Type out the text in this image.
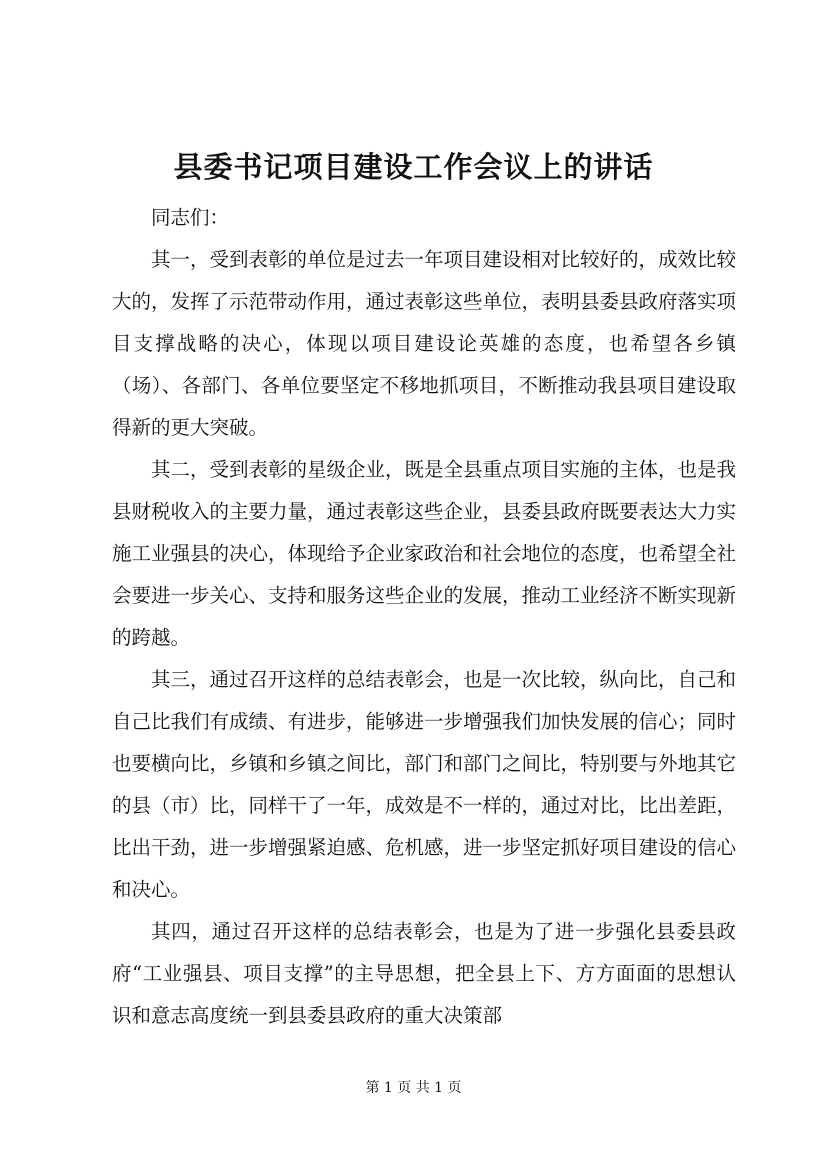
县委书记项目建设工作会议上的讲话

同志们：

其一，受到表彰的单位是过去一年项目建设相对比较好的，成效比较大的，发挥了示范带动作用，通过表彰这些单位，表明县委县政府落实项目支撑战略的决心，体现以项目建设论英雄的态度，也希望各乡镇（场）、各部门、各单位要坚定不移地抓项目，不断推动我县项目建设取得新的更大突破。

其二，受到表彰的星级企业，既是全县重点项目实施的主体，也是我县财税收入的主要力量，通过表彰这些企业，县委县政府既要表达大力实施工业强县的决心，体现给予企业家政治和社会地位的态度，也希望全社会要进一步关心、支持和服务这些企业的发展，推动工业经济不断实现新的跨越。

其三，通过召开这样的总结表彰会，也是一次比较，纵向比，自己和自己比我们有成绩、有进步，能够进一步增强我们加快发展的信心；同时也要横向比，乡镇和乡镇之间比，部门和部门之间比，特别要与外地其它的县（市）比，同样干了一年，成效是不一样的，通过对比，比出差距，比出干劲，进一步增强紧迫感、危机感，进一步坚定抓好项目建设的信心和决心。

其四，通过召开这样的总结表彰会，也是为了进一步强化县委县政府“工业强县、项目支撑”的主导思想，把全县上下、方方面面的思想认识和意志高度统一到县委县政府的重大决策部

第 1 页 共 1 页
